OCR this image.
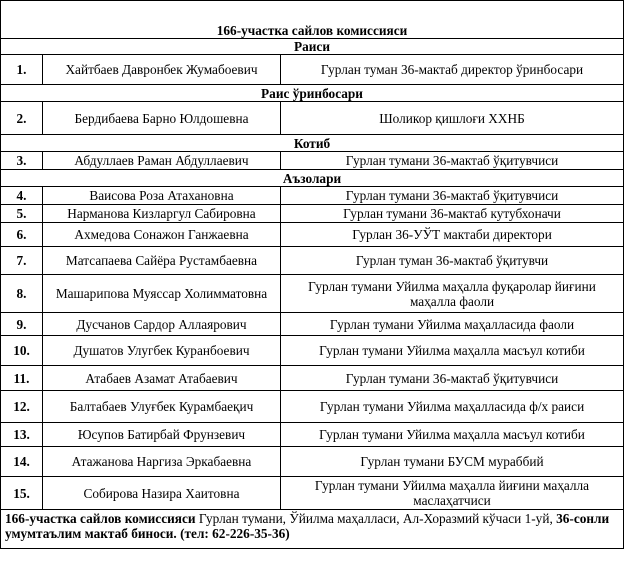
166-участка сайлов комиссияси		
Раиси		
1.	Хайтбаев Давронбек Жумабоевич	Гурлан туман 36-мактаб директор ўринбосари
Раис ўринбосари		
2.	Бердибаева Барно Юлдошевна	Шоликор қишлоғи ХХНБ
Котиб		
3.	Абдуллаев Раман Абдуллаевич	Гурлан тумани 36-мактаб ўқитувчиси
Аъзолари		
4.	Ваисова Роза Атахановна	Гурлан тумани 36-мактаб ўқитувчиси
5.	Нарманова Кизларгул Сабировна	Гурлан тумани 36-мактаб кутубхоначи
6.	Ахмедова Сонажон Ганжаевна	Гурлан 36-УЎТ мактаби директори
7.	Матсапаева Сайёра Рустамбаевна	Гурлан туман 36-мактаб ўқитувчи
8.	Машарипова Муяссар Холимматовна	Гурлан тумани Уйилма маҳалла фуқаролар йиғини маҳалла фаоли
9.	Дусчанов Сардор Аллаярович	Гурлан тумани Уйилма маҳалласида фаоли
10.	Душатов Улугбек Куранбоевич	Гурлан тумани Уйилма маҳалла масъул котиби
11.	Атабаев Азамат Атабаевич	Гурлан тумани 36-мактаб ўқитувчиси
12.	Балтабаев Улуғбек Курамбаeқич	Гурлан тумани Уйилма маҳалласида ф/х раиси
13.	Юсупов Батирбай Фрунзевич	Гурлан тумани Уйилма маҳалла масъул котиби
14.	Атажанова Наргиза Эркабаевна	Гурлан тумани БУСМ мураббий
15.	Собирова Назира Хаитовна	Гурлан тумани Уйилма маҳалла йиғини маҳалла маслаҳатчиси
166-участка сайлов комиссияси Гурлан тумани, Ўйилма маҳалласи, Ал-Хоразмий кўчаси 1-уй, 36-сонли умумтаълим мактаб биноси. (тел: 62-226-35-36)		
